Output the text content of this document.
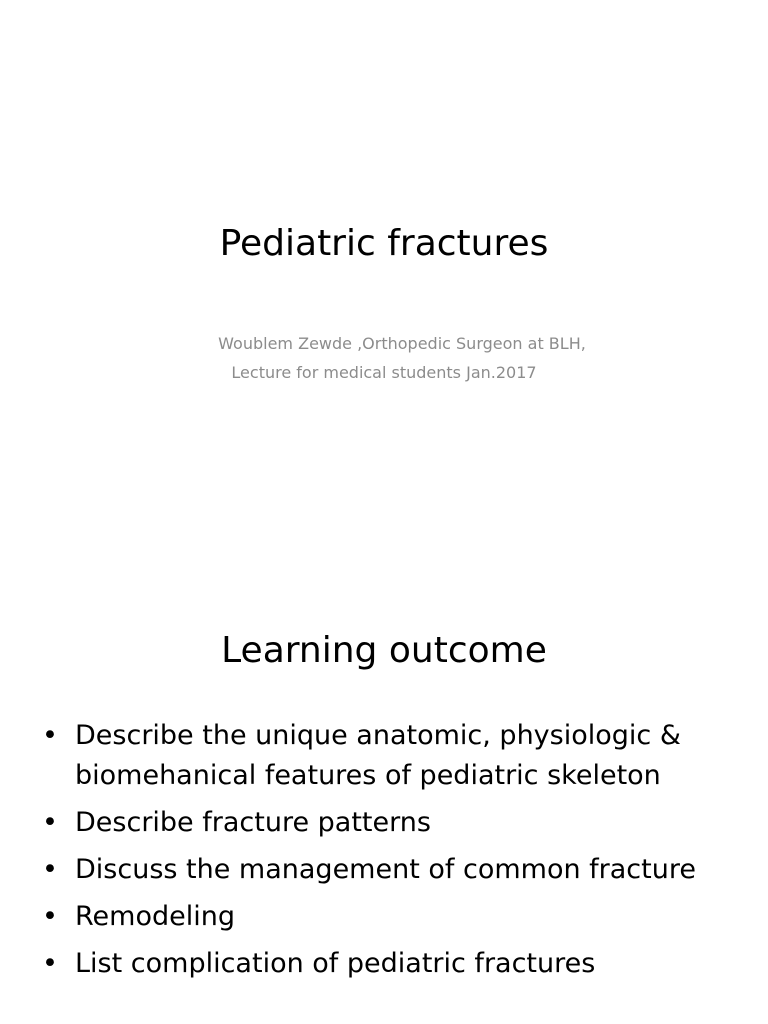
Pediatric fractures

Woublem Zewde ,Orthopedic Surgeon at BLH,

Lecture for medical students Jan.2017

Learning outcome
• Describe the unique anatomic, physiologic & biomehanical features of pediatric skeleton
• Describe fracture patterns
• Discuss the management of common fracture
• Remodeling
• List complication of pediatric fractures
